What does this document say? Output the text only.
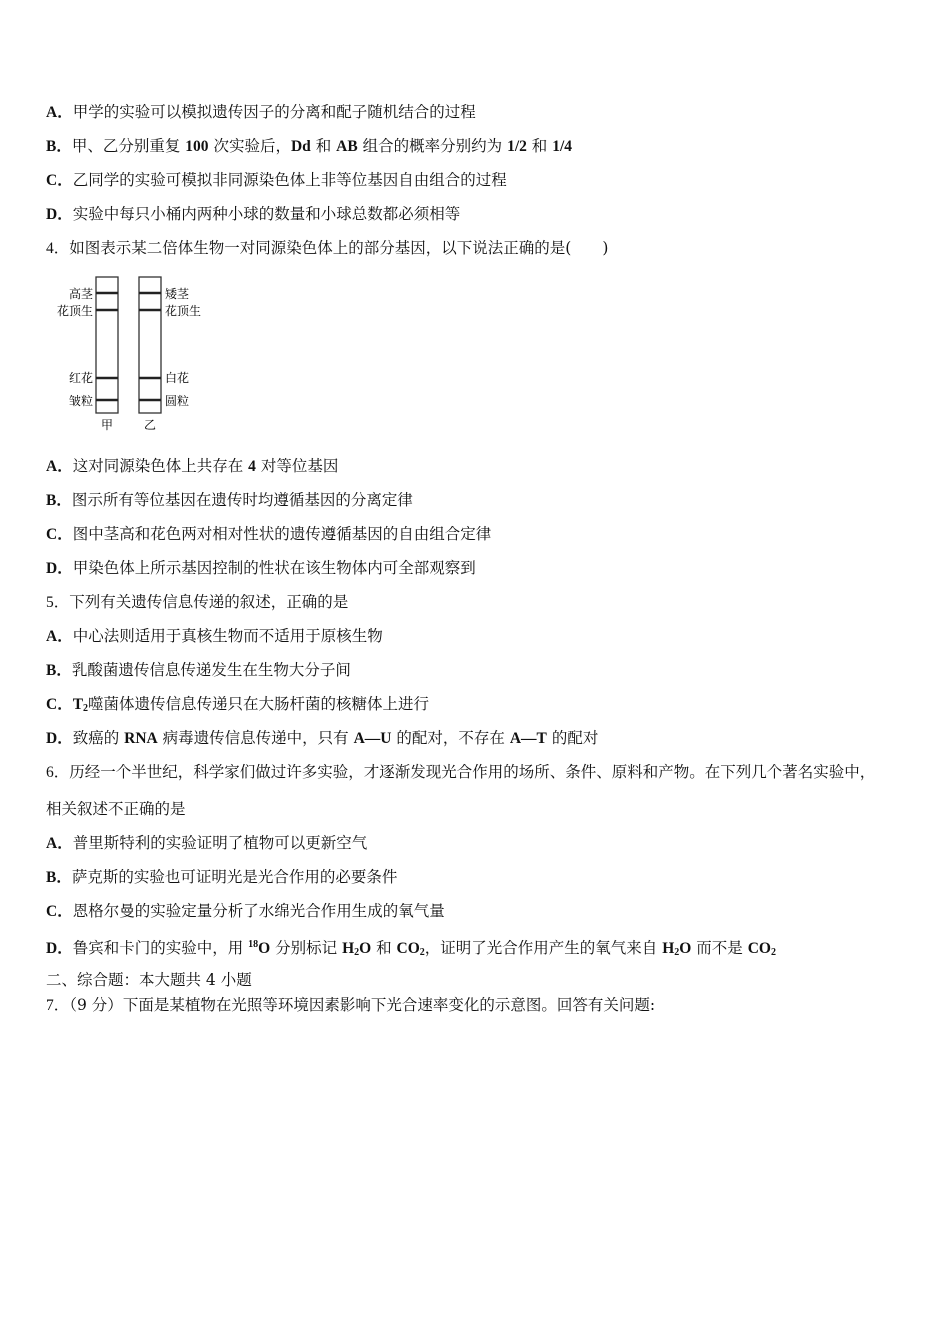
A．甲学的实验可以模拟遗传因子的分离和配子随机结合的过程
B．甲、乙分别重复 100 次实验后，Dd 和 AB 组合的概率分别约为 1/2 和 1/4
C．乙同学的实验可模拟非同源染色体上非等位基因自由组合的过程
D．实验中每只小桶内两种小球的数量和小球总数都必须相等
4．如图表示某二倍体生物一对同源染色体上的部分基因，以下说法正确的是(　　)
高茎
花顶生
红花
皱粒
矮茎
花顶生
白花
圆粒
甲	乙
A．这对同源染色体上共存在 4 对等位基因
B．图示所有等位基因在遗传时均遵循基因的分离定律
C．图中茎高和花色两对相对性状的遗传遵循基因的自由组合定律
D．甲染色体上所示基因控制的性状在该生物体内可全部观察到
5．下列有关遗传信息传递的叙述，正确的是
A．中心法则适用于真核生物而不适用于原核生物
B．乳酸菌遗传信息传递发生在生物大分子间
C．$T_2$噬菌体遗传信息传递只在大肠杆菌的核糖体上进行
D．致癌的 RNA 病毒遗传信息传递中，只有 A—U 的配对，不存在 A—T 的配对
6．历经一个半世纪，科学家们做过许多实验，才逐渐发现光合作用的场所、条件、原料和产物。在下列几个著名实验中，
相关叙述不正确的是
A．普里斯特利的实验证明了植物可以更新空气
B．萨克斯的实验也可证明光是光合作用的必要条件
C．恩格尔曼的实验定量分析了水绵光合作用生成的氧气量
D．鲁宾和卡门的实验中，用 $^{18}$O 分别标记 $H_2O$ 和 $CO_2$，证明了光合作用产生的氧气来自 $H_2O$ 而不是 $CO_2$
二、综合题：本大题共 4 小题
7．（9 分）下面是某植物在光照等环境因素影响下光合速率变化的示意图。回答有关问题:
